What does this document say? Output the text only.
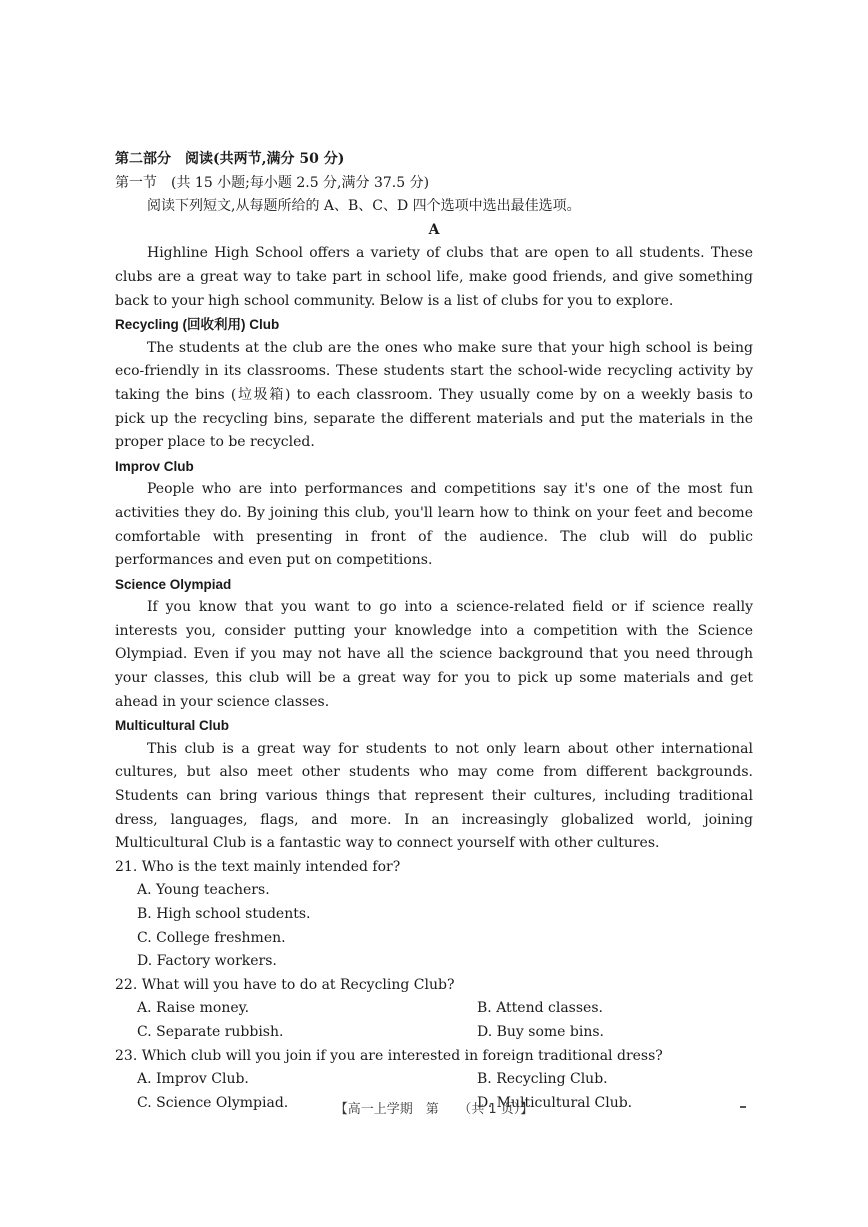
第二部分　阅读(共两节,满分 50 分)
第一节　(共 15 小题;每小题 2.5 分,满分 37.5 分)
阅读下列短文,从每题所给的 A、B、C、D 四个选项中选出最佳选项。
A

Highline High School offers a variety of clubs that are open to all students. These clubs are a great way to take part in school life, make good friends, and give something back to your high school community. Below is a list of clubs for you to explore.

Recycling (回收利用) Club

The students at the club are the ones who make sure that your high school is being eco-friendly in its classrooms. These students start the school-wide recycling activity by taking the bins (垃圾箱) to each classroom. They usually come by on a weekly basis to pick up the recycling bins, separate the different materials and put the materials in the proper place to be recycled.

Improv Club

People who are into performances and competitions say it's one of the most fun activities they do. By joining this club, you'll learn how to think on your feet and become comfortable with presenting in front of the audience. The club will do public performances and even put on competitions.

Science Olympiad

If you know that you want to go into a science-related field or if science really interests you, consider putting your knowledge into a competition with the Science Olympiad. Even if you may not have all the science background that you need through your classes, this club will be a great way for you to pick up some materials and get ahead in your science classes.

Multicultural Club

This club is a great way for students to not only learn about other international cultures, but also meet other students who may come from different backgrounds. Students can bring various things that represent their cultures, including traditional dress, languages, flags, and more. In an increasingly globalized world, joining Multicultural Club is a fantastic way to connect yourself with other cultures.

21. Who is the text mainly intended for?
A. Young teachers.
B. High school students.
C. College freshmen.
D. Factory workers.
22. What will you have to do at Recycling Club?
A. Raise money.	B. Attend classes.
C. Separate rubbish.	D. Buy some bins.
23. Which club will you join if you are interested in foreign traditional dress?
A. Improv Club.	B. Recycling Club.
C. Science Olympiad.	D. Multicultural Club.
【高一上学期　第　　（共 1 页）】
